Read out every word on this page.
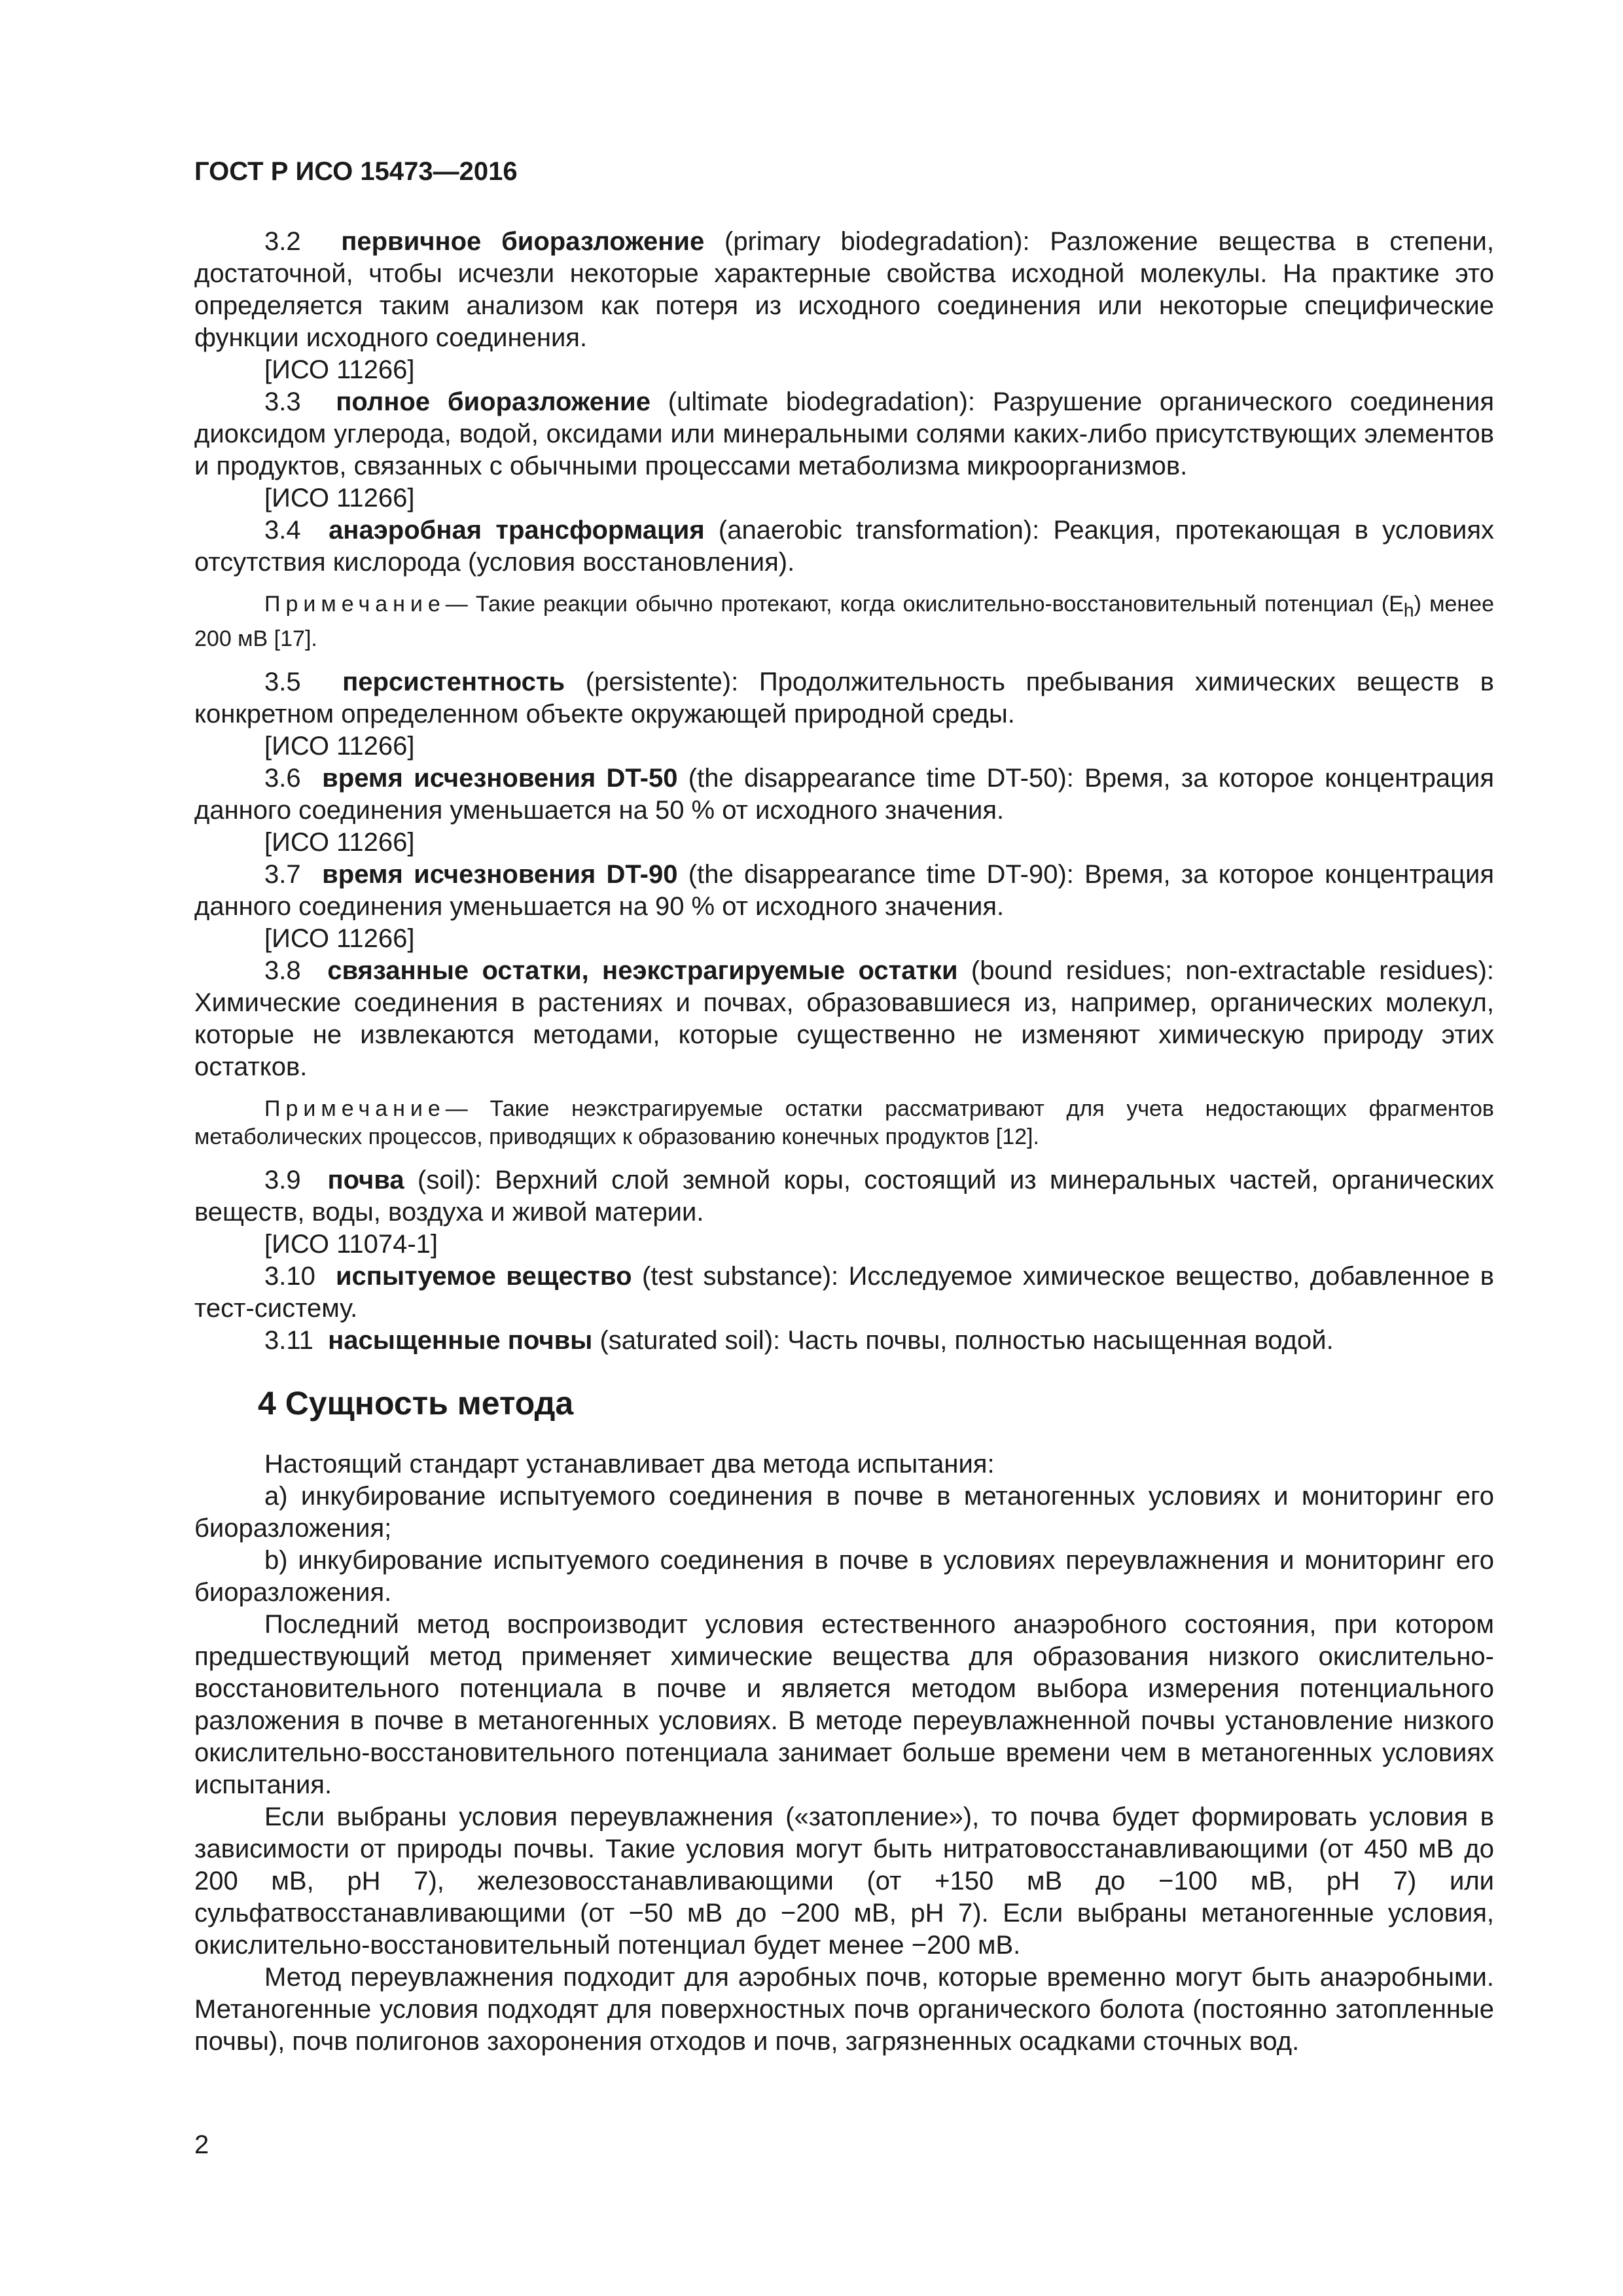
ГОСТ Р ИСО 15473—2016

3.2 первичное биоразложение (primary biodegradation): Разложение вещества в степени, достаточной, чтобы исчезли некоторые характерные свойства исходной молекулы. На практике это определяется таким анализом как потеря из исходного соединения или некоторые специфические функции исходного соединения.

[ИСО 11266]

3.3 полное биоразложение (ultimate biodegradation): Разрушение органического соединения диоксидом углерода, водой, оксидами или минеральными солями каких-либо присутствующих элементов и продуктов, связанных с обычными процессами метаболизма микроорганизмов.

[ИСО 11266]

3.4 анаэробная трансформация (anaerobic transformation): Реакция, протекающая в условиях отсутствия кислорода (условия восстановления).

Примечание— Такие реакции обычно протекают, когда окислительно-восстановительный потенциал $(E_h)$ менее 200 мВ [17].

3.5 персистентность (persistente): Продолжительность пребывания химических веществ в конкретном определенном объекте окружающей природной среды.

[ИСО 11266]

3.6 время исчезновения DT-50 (the disappearance time DT-50): Время, за которое концентрация данного соединения уменьшается на 50 % от исходного значения.

[ИСО 11266]

3.7 время исчезновения DT-90 (the disappearance time DT-90): Время, за которое концентрация данного соединения уменьшается на 90 % от исходного значения.

[ИСО 11266]

3.8 связанные остатки, неэкстрагируемые остатки (bound residues; non-extractable residues): Химические соединения в растениях и почвах, образовавшиеся из, например, органических молекул, которые не извлекаются методами, которые существенно не изменяют химическую природу этих остатков.

Примечание— Такие неэкстрагируемые остатки рассматривают для учета недостающих фрагментов метаболических процессов, приводящих к образованию конечных продуктов [12].

3.9 почва (soil): Верхний слой земной коры, состоящий из минеральных частей, органических веществ, воды, воздуха и живой материи.

[ИСО 11074-1]

3.10 испытуемое вещество (test substance): Исследуемое химическое вещество, добавленное в тест-систему.

3.11 насыщенные почвы (saturated soil): Часть почвы, полностью насыщенная водой.

4 Сущность метода

Настоящий стандарт устанавливает два метода испытания:

a) инкубирование испытуемого соединения в почве в метаногенных условиях и мониторинг его биоразложения;

b) инкубирование испытуемого соединения в почве в условиях переувлажнения и мониторинг его биоразложения.

Последний метод воспроизводит условия естественного анаэробного состояния, при котором предшествующий метод применяет химические вещества для образования низкого окислительно-восстановительного потенциала в почве и является методом выбора измерения потенциального разложения в почве в метаногенных условиях. В методе переувлажненной почвы установление низкого окислительно-восстановительного потенциала занимает больше времени чем в метаногенных условиях испытания.

Если выбраны условия переувлажнения («затопление»), то почва будет формировать условия в зависимости от природы почвы. Такие условия могут быть нитратовосстанавливающими (от 450 мВ до 200 мВ, pH 7), железовосстанавливающими (от +150 мВ до −100 мВ, pH 7) или сульфатвосстанавливающими (от −50 мВ до −200 мВ, pH 7). Если выбраны метаногенные условия, окислительно-восстановительный потенциал будет менее −200 мВ.

Метод переувлажнения подходит для аэробных почв, которые временно могут быть анаэробными. Метаногенные условия подходят для поверхностных почв органического болота (постоянно затопленные почвы), почв полигонов захоронения отходов и почв, загрязненных осадками сточных вод.

2
